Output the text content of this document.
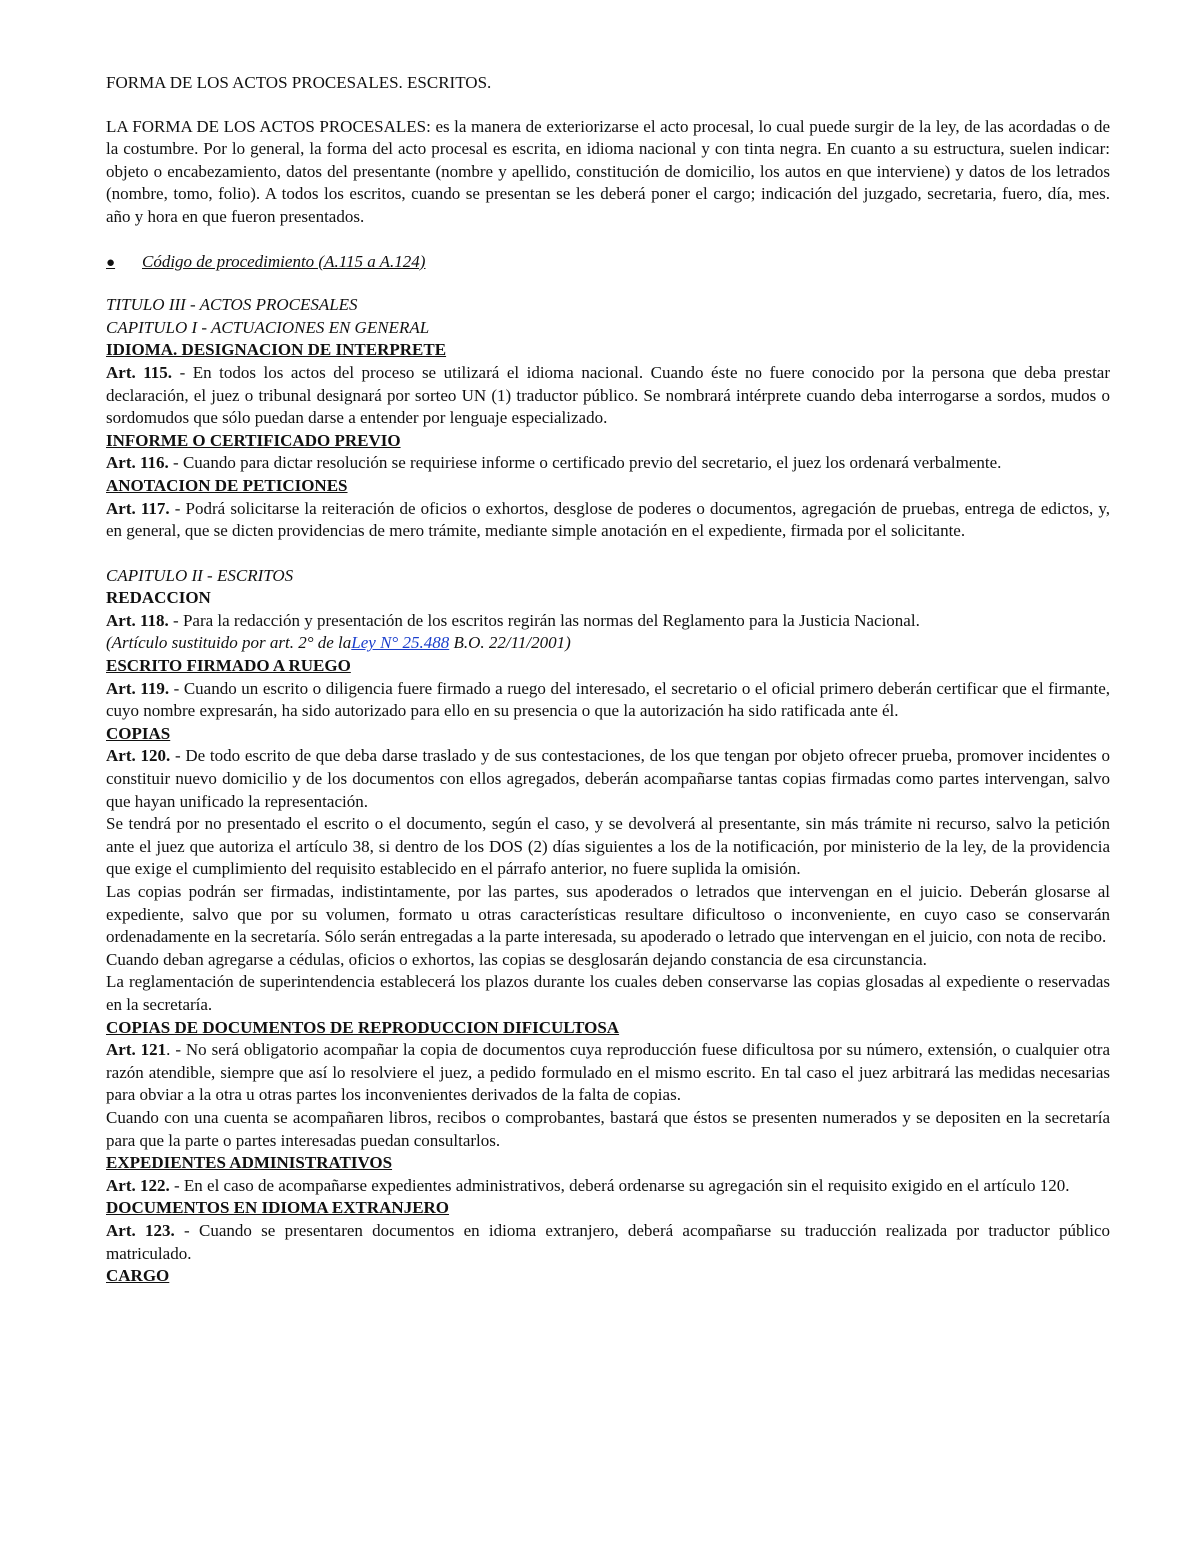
FORMA DE LOS ACTOS PROCESALES. ESCRITOS.

LA FORMA DE LOS ACTOS PROCESALES: es la manera de exteriorizarse el acto procesal, lo cual puede surgir de la ley, de las acordadas o de la costumbre. Por lo general, la forma del acto procesal es escrita, en idioma nacional y con tinta negra. En cuanto a su estructura, suelen indicar: objeto o encabezamiento, datos del presentante (nombre y apellido, constitución de domicilio, los autos en que interviene) y datos de los letrados (nombre, tomo, folio). A todos los escritos, cuando se presentan se les deberá poner el cargo; indicación del juzgado, secretaria, fuero, día, mes. año y hora en que fueron presentados.

●	Código de procedimiento (A.115 a A.124)

TITULO III - ACTOS PROCESALES

CAPITULO I - ACTUACIONES EN GENERAL

IDIOMA. DESIGNACION DE INTERPRETE

Art. 115. - En todos los actos del proceso se utilizará el idioma nacional. Cuando éste no fuere conocido por la persona que deba prestar declaración, el juez o tribunal designará por sorteo UN (1) traductor público. Se nombrará intérprete cuando deba interrogarse a sordos, mudos o sordomudos que sólo puedan darse a entender por lenguaje especializado.

INFORME O CERTIFICADO PREVIO

Art. 116. - Cuando para dictar resolución se requiriese informe o certificado previo del secretario, el juez los ordenará verbalmente.

ANOTACION DE PETICIONES

Art. 117. - Podrá solicitarse la reiteración de oficios o exhortos, desglose de poderes o documentos, agregación de pruebas, entrega de edictos, y, en general, que se dicten providencias de mero trámite, mediante simple anotación en el expediente, firmada por el solicitante.

CAPITULO II - ESCRITOS

REDACCION

Art. 118. - Para la redacción y presentación de los escritos regirán las normas del Reglamento para la Justicia Nacional.

(Artículo sustituido por art. 2° de laLey N° 25.488 B.O. 22/11/2001)

ESCRITO FIRMADO A RUEGO

Art. 119. - Cuando un escrito o diligencia fuere firmado a ruego del interesado, el secretario o el oficial primero deberán certificar que el firmante, cuyo nombre expresarán, ha sido autorizado para ello en su presencia o que la autorización ha sido ratificada ante él.

COPIAS

Art. 120. - De todo escrito de que deba darse traslado y de sus contestaciones, de los que tengan por objeto ofrecer prueba, promover incidentes o constituir nuevo domicilio y de los documentos con ellos agregados, deberán acompañarse tantas copias firmadas como partes intervengan, salvo que hayan unificado la representación.

Se tendrá por no presentado el escrito o el documento, según el caso, y se devolverá al presentante, sin más trámite ni recurso, salvo la petición ante el juez que autoriza el artículo 38, si dentro de los DOS (2) días siguientes a los de la notificación, por ministerio de la ley, de la providencia que exige el cumplimiento del requisito establecido en el párrafo anterior, no fuere suplida la omisión.

Las copias podrán ser firmadas, indistintamente, por las partes, sus apoderados o letrados que intervengan en el juicio. Deberán glosarse al expediente, salvo que por su volumen, formato u otras características resultare dificultoso o inconveniente, en cuyo caso se conservarán ordenadamente en la secretaría. Sólo serán entregadas a la parte interesada, su apoderado o letrado que intervengan en el juicio, con nota de recibo.

Cuando deban agregarse a cédulas, oficios o exhortos, las copias se desglosarán dejando constancia de esa circunstancia.

La reglamentación de superintendencia establecerá los plazos durante los cuales deben conservarse las copias glosadas al expediente o reservadas en la secretaría.

COPIAS DE DOCUMENTOS DE REPRODUCCION DIFICULTOSA

Art. 121. - No será obligatorio acompañar la copia de documentos cuya reproducción fuese dificultosa por su número, extensión, o cualquier otra razón atendible, siempre que así lo resolviere el juez, a pedido formulado en el mismo escrito. En tal caso el juez arbitrará las medidas necesarias para obviar a la otra u otras partes los inconvenientes derivados de la falta de copias.

Cuando con una cuenta se acompañaren libros, recibos o comprobantes, bastará que éstos se presenten numerados y se depositen en la secretaría para que la parte o partes interesadas puedan consultarlos.

EXPEDIENTES ADMINISTRATIVOS

Art. 122. - En el caso de acompañarse expedientes administrativos, deberá ordenarse su agregación sin el requisito exigido en el artículo 120.

DOCUMENTOS EN IDIOMA EXTRANJERO

Art. 123. - Cuando se presentaren documentos en idioma extranjero, deberá acompañarse su traducción realizada por traductor público matriculado.

CARGO
